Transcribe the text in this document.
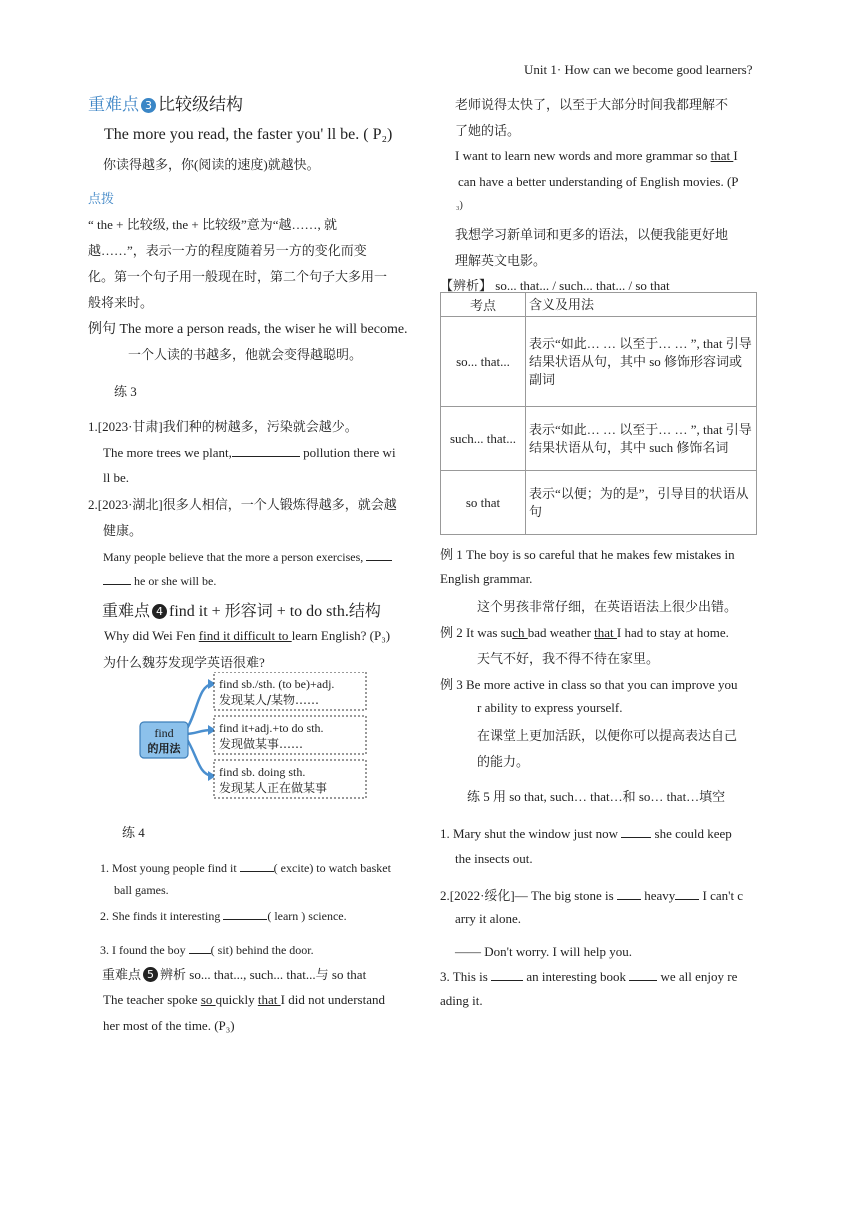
Unit 1· How can we become good learners?
重难点 3 比较级结构
The more you read, the faster you' ll be. ( P₂)
你读得越多，你(阅读的速度)就越快。
点拨
“ the + 比较级, the + 比较级”意为“越……, 就
越……”，表示一方的程度随着另一方的变化而变
化。第一个句子用一般现在时，第二个句子大多用一
般将来时。
例句 The more a person reads, the wiser he will become.
一个人读的书越多，他就会变得越聪明。
练 3
1.[2023·甘肃]我们种的树越多，污染就会越少。
The more trees we plant,	pollution there wi
ll be.
2.[2023·湖北]很多人相信，一个人锻炼得越多，就会越
健康。
Many people believe that the more a person exercises,
he or she will be.
重难点 4 find it + 形容词 + to do sth.结构
Why did Wei Fen find it difficult to learn English? (P₃)
为什么魏芬发现学英语很难?
find
的用法
find sb./sth. (to be)+adj.
发现某人/某物……
find it+adj.+to do sth.
发现做某事……
find sb. doing sth.
发现某人正在做某事
练 4
1. Most young people find it	( excite) to watch basket
ball games.
2. She finds it interesting	( learn ) science.
3. I found the boy ( sit) behind the door.
重难点 5 辨析 so... that..., such... that...与 so that
The teacher spoke so quickly that I did not understand
her most of the time. (P₃)
老师说得太快了，以至于大部分时间我都理解不
了她的话。
I want to learn new words and more grammar so that I
can have a better understanding of English movies. (P
₃)
我想学习新单词和更多的语法，以便我能更好地
理解英文电影。
【辨析】 so... that... / such... that... / so that
考点	含义及用法
so... that...	表示“如此… … 以至于… … ”, that 引导结果状语从句，其中 so 修饰形容词或副词
such... that...	表示“如此… … 以至于… … ”, that 引导结果状语从句，其中 such 修饰名词
so that	表示“以便；为的是”，引导目的状语从句
例 1 The boy is so careful that he makes few mistakes in
English grammar.
这个男孩非常仔细，在英语语法上很少出错。
例 2 It was such bad weather that I had to stay at home.
天气不好，我不得不待在家里。
例 3 Be more active in class so that you can improve you
r ability to express yourself.
在课堂上更加活跃，以便你可以提高表达自己
的能力。
练 5 用 so that, such… that…和 so… that…填空
1. Mary shut the window just now  she could keep
the insects out.
2.[2022·绥化]— The big stone is  heavy I can't c
arry it alone.
—— Don't worry. I will help you.
3. This is  an interesting book  we all enjoy re
ading it.
